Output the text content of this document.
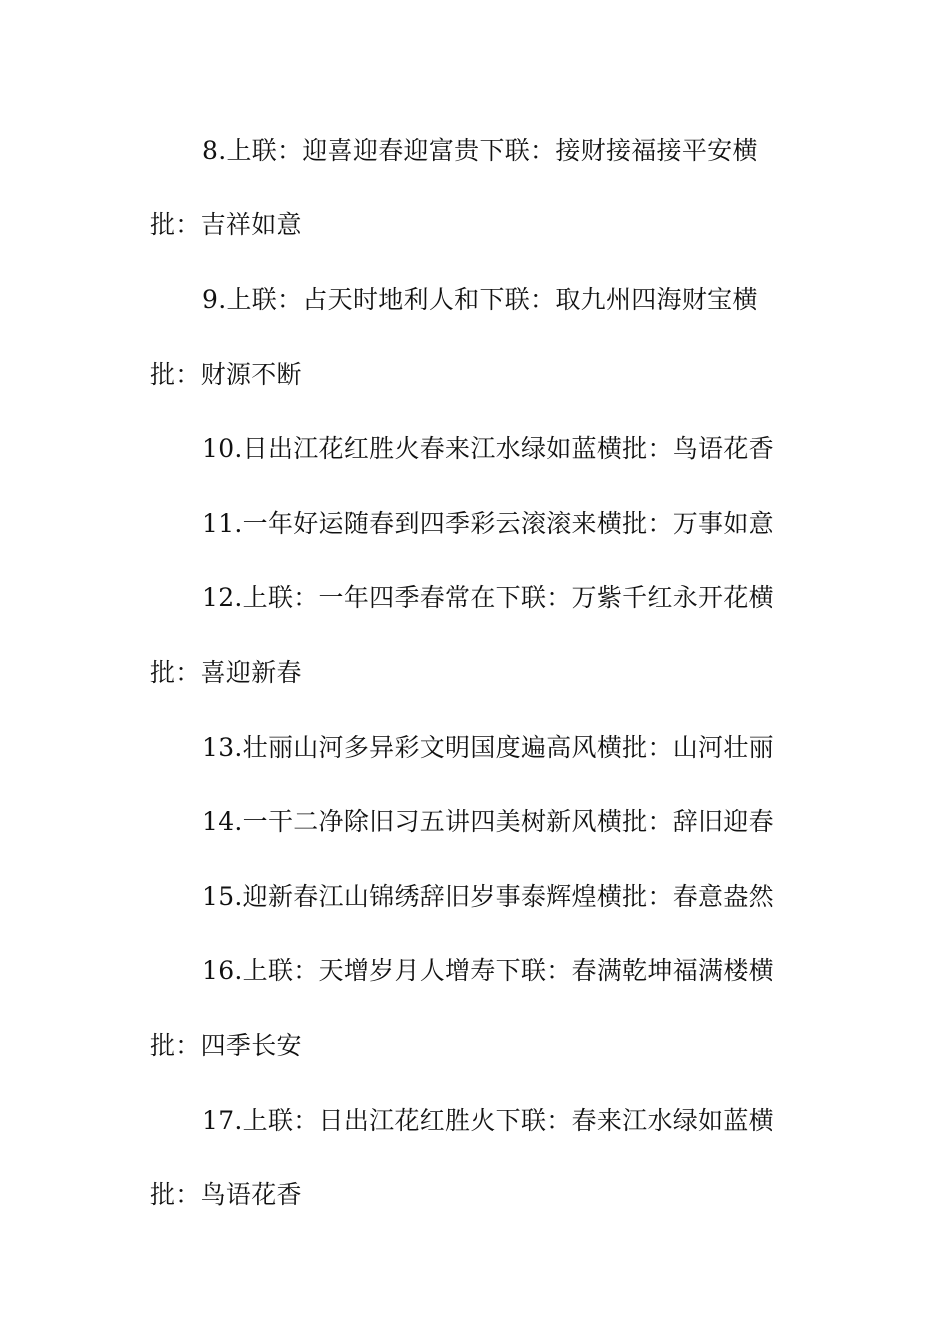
8.上联：迎喜迎春迎富贵下联：接财接福接平安横
批：吉祥如意
9.上联：占天时地利人和下联：取九州四海财宝横
批：财源不断
10.日出江花红胜火春来江水绿如蓝横批：鸟语花香
11.一年好运随春到四季彩云滚滚来横批：万事如意
12.上联：一年四季春常在下联：万紫千红永开花横
批：喜迎新春
13.壮丽山河多异彩文明国度遍高风横批：山河壮丽
14.一干二净除旧习五讲四美树新风横批：辞旧迎春
15.迎新春江山锦绣辞旧岁事泰辉煌横批：春意盎然
16.上联：天增岁月人增寿下联：春满乾坤福满楼横
批：四季长安
17.上联：日出江花红胜火下联：春来江水绿如蓝横
批：鸟语花香
